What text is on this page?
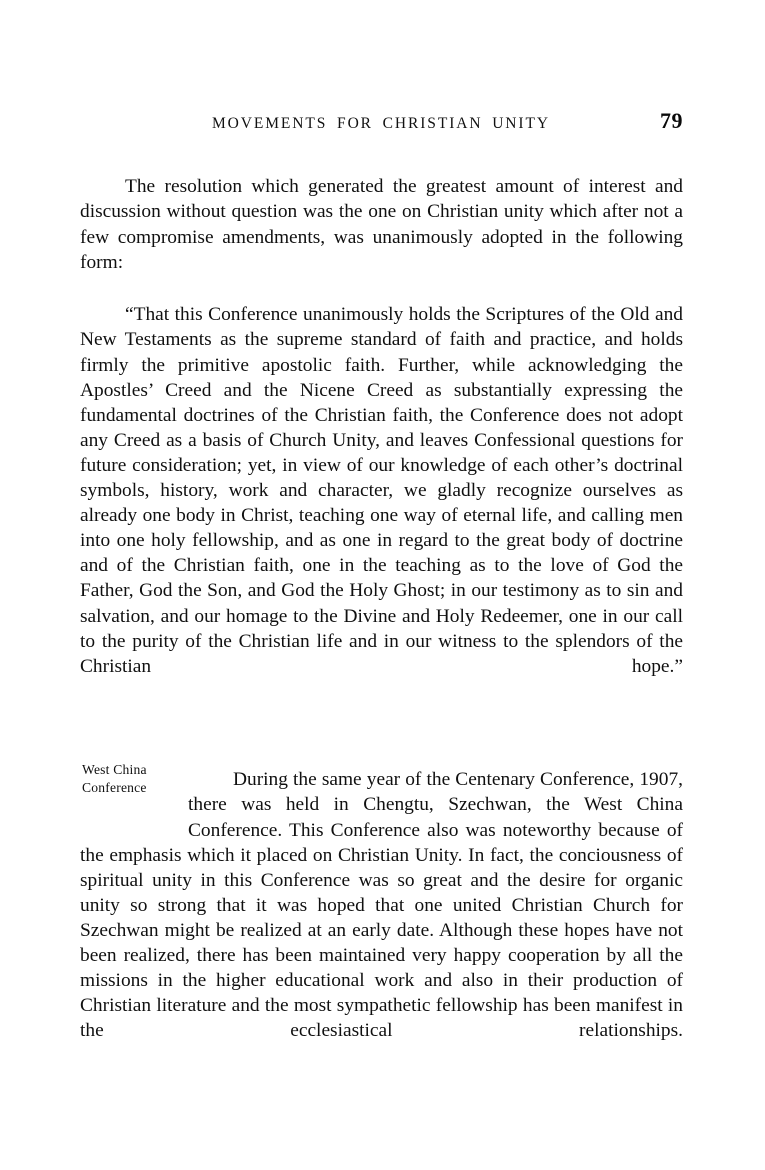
MOVEMENTS FOR CHRISTIAN UNITY	79

The resolution which generated the greatest amount of interest and discussion without question was the one on Christian unity which after not a few compromise amendments, was unanimously adopted in the following form:

“That this Conference unanimously holds the Scriptures of the Old and New Testaments as the supreme standard of faith and practice, and holds firmly the primitive apostolic faith. Further, while acknowledging the Apostles’ Creed and the Nicene Creed as substantially expressing the fundamental doctrines of the Christian faith, the Conference does not adopt any Creed as a basis of Church Unity, and leaves Confessional questions for future consideration; yet, in view of our knowledge of each other’s doctrinal symbols, history, work and character, we gladly recognize ourselves as already one body in Christ, teaching one way of eternal life, and calling men into one holy fellowship, and as one in regard to the great body of doctrine and of the Christian faith, one in the teaching as to the love of God the Father, God the Son, and God the Holy Ghost; in our testimony as to sin and salvation, and our homage to the Divine and Holy Redeemer, one in our call to the purity of the Christian life and in our witness to the splendors of the Christian hope.”

West China
Conference	During the same year of the Centenary Conference, 1907, there was held in Chengtu, Szechwan, the West China Conference. This Conference also was noteworthy because of the emphasis which it placed on Christian Unity. In fact, the conciousness of spiritual unity in this Conference was so great and the desire for organic unity so strong that it was hoped that one united Christian Church for Szechwan might be realized at an early date. Although these hopes have not been realized, there has been maintained very happy cooperation by all the missions in the higher educational work and also in their production of Christian literature and the most sympathetic fellowship has been manifest in the ecclesiastical relationships.
